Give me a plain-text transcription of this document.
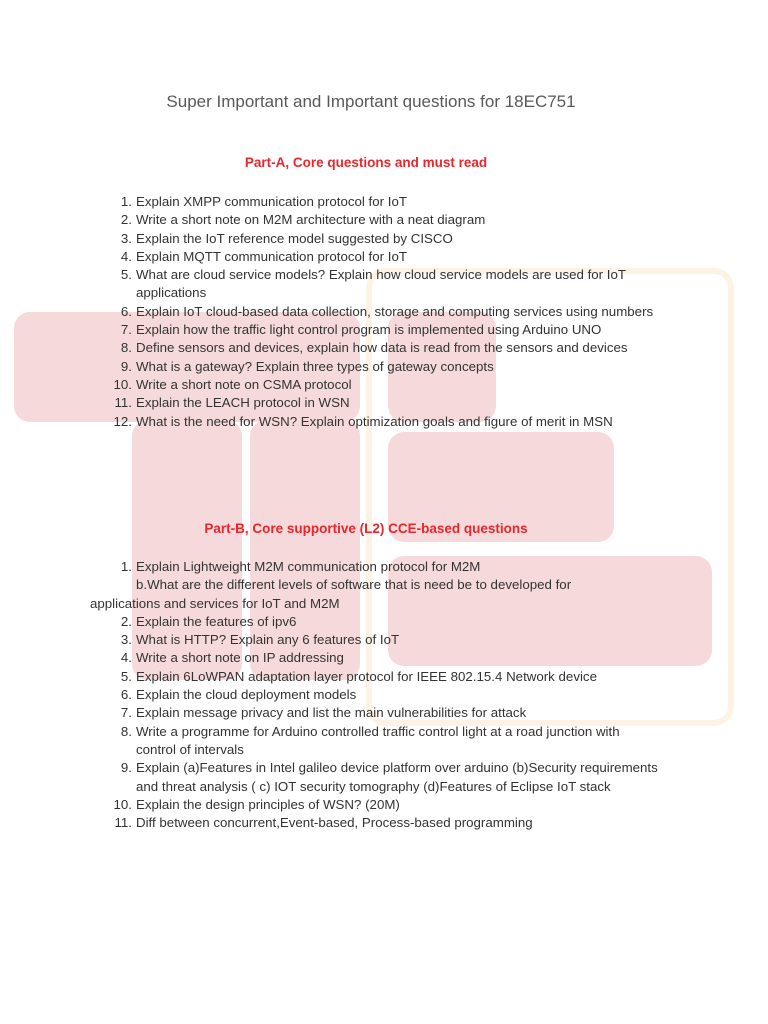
Super Important and Important questions for 18EC751
Part-A, Core questions and must read
1. Explain XMPP communication protocol for IoT
2. Write a short note on M2M architecture with a neat diagram
3. Explain the IoT reference model suggested by CISCO
4. Explain MQTT communication protocol for IoT
5. What are cloud service models? Explain how cloud service models are used for IoT applications
6. Explain IoT cloud-based data collection, storage and computing services using numbers
7. Explain how the traffic light control program is implemented using Arduino UNO
8. Define sensors and devices, explain how data is read from the sensors and devices
9. What is a gateway? Explain three types of gateway concepts
10. Write a short note on CSMA protocol
11. Explain the LEACH protocol in WSN
12. What is the need for WSN? Explain optimization goals and figure of merit in MSN
Part-B, Core supportive (L2) CCE-based questions
1. Explain Lightweight M2M communication protocol for M2M
b.What are the different levels of software that is need be to developed for
applications and services for IoT and M2M
2. Explain the features of ipv6
3. What is HTTP? Explain any 6 features of IoT
4. Write a short note on IP addressing
5. Explain 6LoWPAN adaptation layer protocol for IEEE 802.15.4 Network device
6. Explain the cloud deployment models
7. Explain message privacy and list the main vulnerabilities for attack
8. Write a programme for Arduino controlled traffic control light at a road junction with control of intervals
9. Explain (a)Features in Intel galileo device platform over arduino (b)Security requirements and threat analysis ( c) IOT security tomography (d)Features of Eclipse IoT stack
10. Explain the design principles of WSN? (20M)
11. Diff between concurrent,Event-based, Process-based programming
